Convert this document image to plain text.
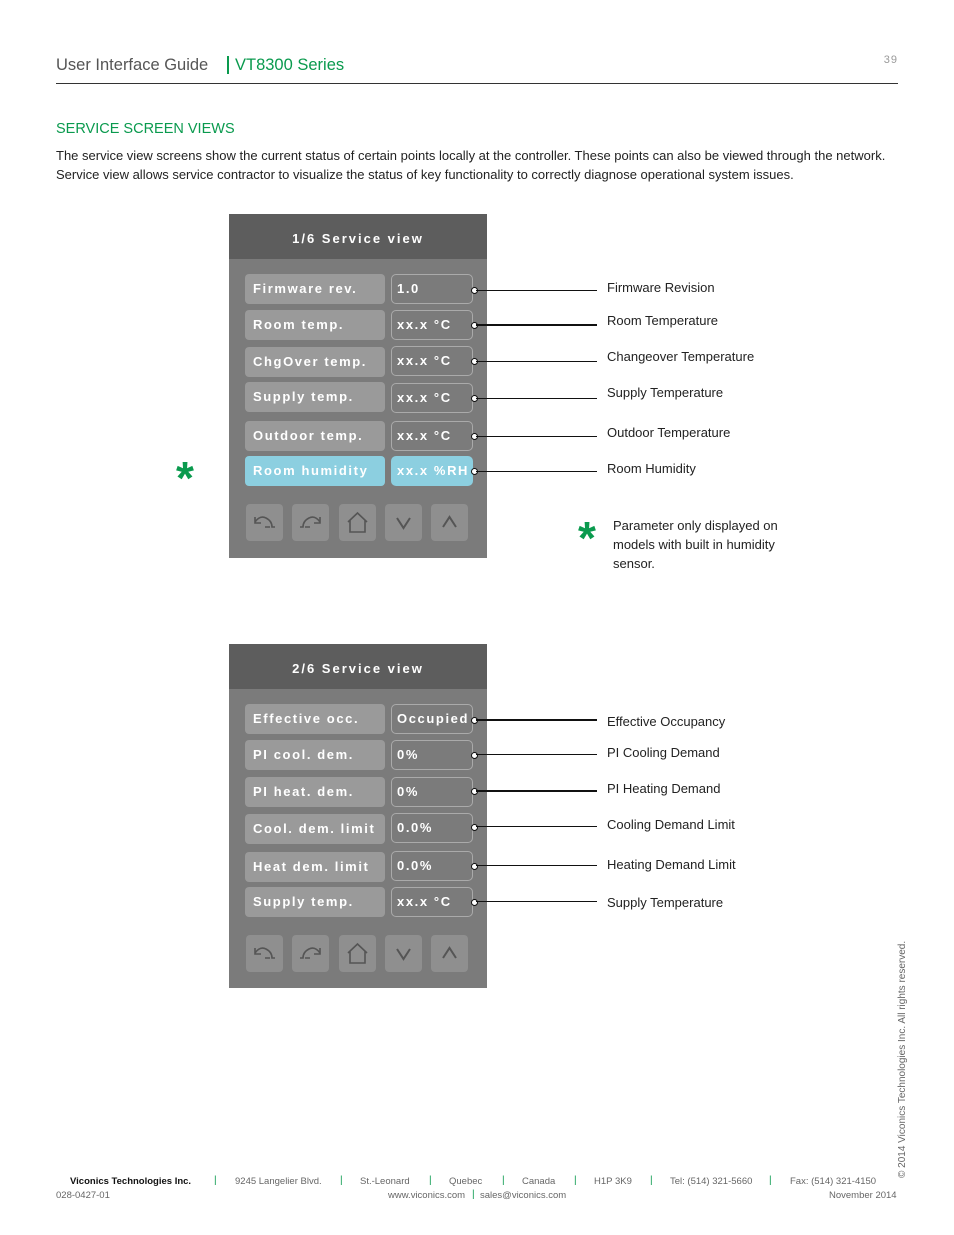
User Interface Guide	VT8300 Series	39
SERVICE SCREEN VIEWS
The service view screens show the current status of certain points locally at the controller. These points can also be viewed through the network. Service view allows service contractor to visualize the status of key functionality to correctly diagnose operational system issues.
1/6 Service view
Firmware rev.	1.0
Room temp.	xx.x °C
ChgOver temp.	xx.x °C
Supply temp.	xx.x °C
Outdoor temp.	xx.x °C
Room humidity	xx.x %RH
Firmware Revision
Room Temperature
Changeover Temperature
Supply Temperature
Outdoor Temperature
Room Humidity
*
* Parameter only displayed on models with built in humidity sensor.
2/6 Service view
Effective occ.	Occupied
PI cool. dem.	0%
PI heat. dem.	0%
Cool. dem. limit	0.0%
Heat dem. limit	0.0%
Supply temp.	xx.x °C
Effective Occupancy
PI Cooling Demand
PI Heating Demand
Cooling Demand Limit
Heating Demand Limit
Supply Temperature
© 2014 Viconics Technologies Inc. All rights reserved.
Viconics Technologies Inc. | 9245 Langelier Blvd. | St.-Leonard | Quebec | Canada | H1P 3K9 | Tel: (514) 321-5660 | Fax: (514) 321-4150
028-0427-01	www.viconics.com | sales@viconics.com	November 2014
